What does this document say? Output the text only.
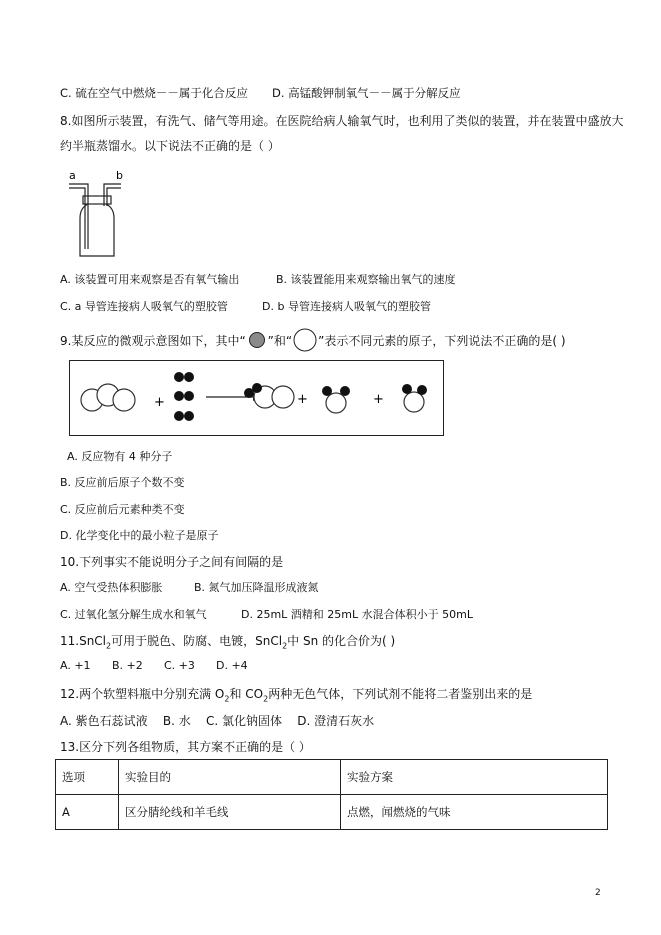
C. 硫在空气中燃烧－－属于化合反应 D. 高锰酸钾制氧气－－属于分解反应
8.如图所示装置，有洗气、储气等用途。在医院给病人输氧气时，也利用了类似的装置，并在装置中盛放大
约半瓶蒸馏水。以下说法不正确的是（ ）
a	b
A. 该装置可用来观察是否有氧气输出	B. 该装置能用来观察输出氧气的速度
C. a 导管连接病人吸氧气的塑胶管	D. b 导管连接病人吸氧气的塑胶管
9.某反应的微观示意图如下，其中“ ”和“ ”表示不同元素的原子，下列说法不正确的是( )
+	+	+
A. 反应物有 4 种分子
B. 反应前后原子个数不变
C. 反应前后元素种类不变
D. 化学变化中的最小粒子是原子
10.下列事实不能说明分子之间有间隔的是
A. 空气受热体积膨胀	B. 氮气加压降温形成液氮
C. 过氧化氢分解生成水和氧气	D. 25mL 酒精和 25mL 水混合体积小于 50mL
11.SnCl$_2$可用于脱色、防腐、电镀，SnCl$_2$中 Sn 的化合价为( )
A. +1 B. +2 C. +3 D. +4
12.两个软塑料瓶中分别充满 $O_2$和 $CO_2$两种无色气体，下列试剂不能将二者鉴别出来的是
A. 紫色石蕊试液    B. 水    C. 氯化钠固体    D. 澄清石灰水
13.区分下列各组物质，其方案不正确的是（ ）
选项	实验目的	实验方案
A	区分腈纶线和羊毛线	点燃，闻燃烧的气味
2
